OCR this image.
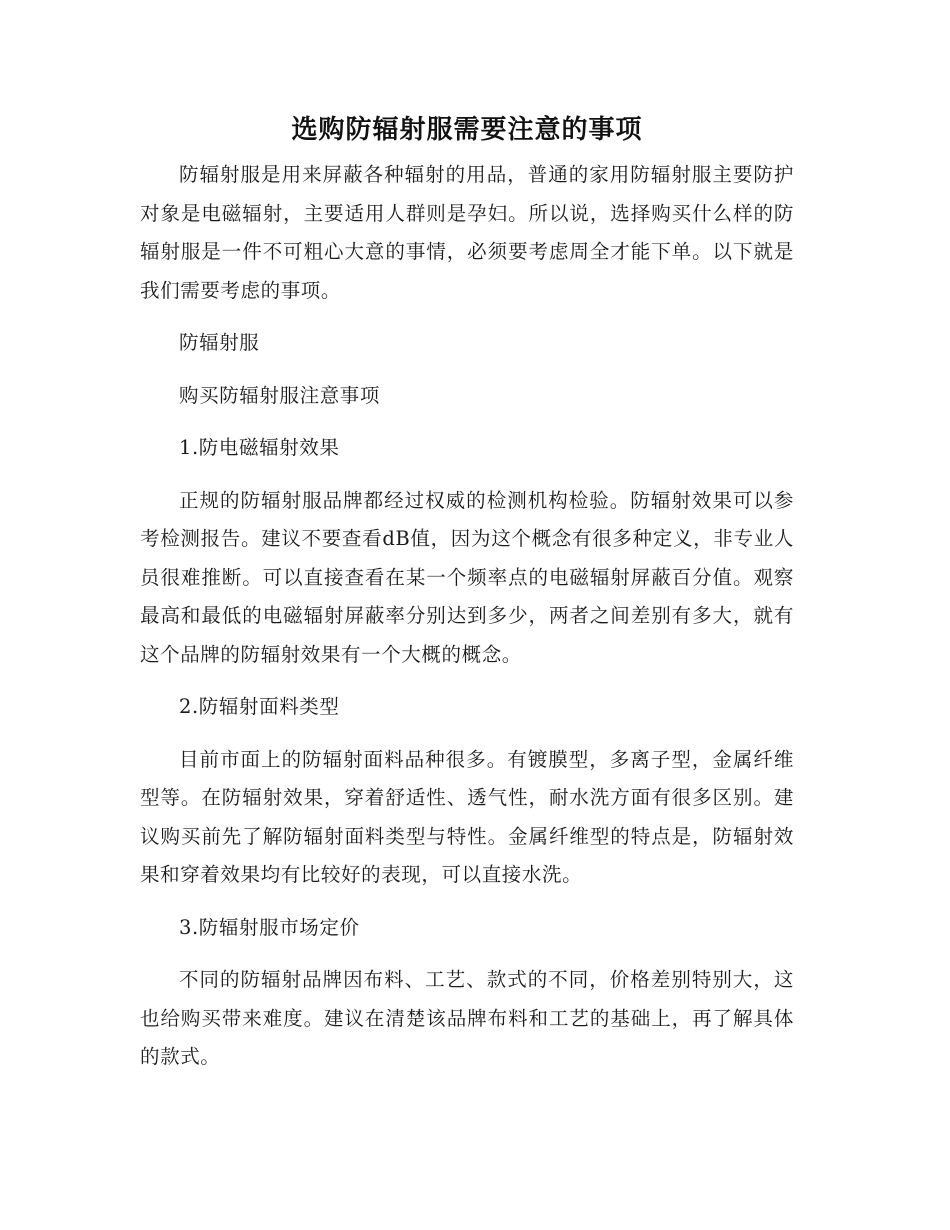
选购防辐射服需要注意的事项

防辐射服是用来屏蔽各种辐射的用品，普通的家用防辐射服主要防护对象是电磁辐射，主要适用人群则是孕妇。所以说，选择购买什么样的防辐射服是一件不可粗心大意的事情，必须要考虑周全才能下单。以下就是我们需要考虑的事项。

防辐射服

购买防辐射服注意事项

1.防电磁辐射效果

正规的防辐射服品牌都经过权威的检测机构检验。防辐射效果可以参考检测报告。建议不要查看dB值，因为这个概念有很多种定义，非专业人员很难推断。可以直接查看在某一个频率点的电磁辐射屏蔽百分值。观察最高和最低的电磁辐射屏蔽率分别达到多少，两者之间差别有多大，就有这个品牌的防辐射效果有一个大概的概念。

2.防辐射面料类型

目前市面上的防辐射面料品种很多。有镀膜型，多离子型，金属纤维型等。在防辐射效果，穿着舒适性、透气性，耐水洗方面有很多区别。建议购买前先了解防辐射面料类型与特性。金属纤维型的特点是，防辐射效果和穿着效果均有比较好的表现，可以直接水洗。

3.防辐射服市场定价

不同的防辐射品牌因布料、工艺、款式的不同，价格差别特别大，这也给购买带来难度。建议在清楚该品牌布料和工艺的基础上，再了解具体的款式。
